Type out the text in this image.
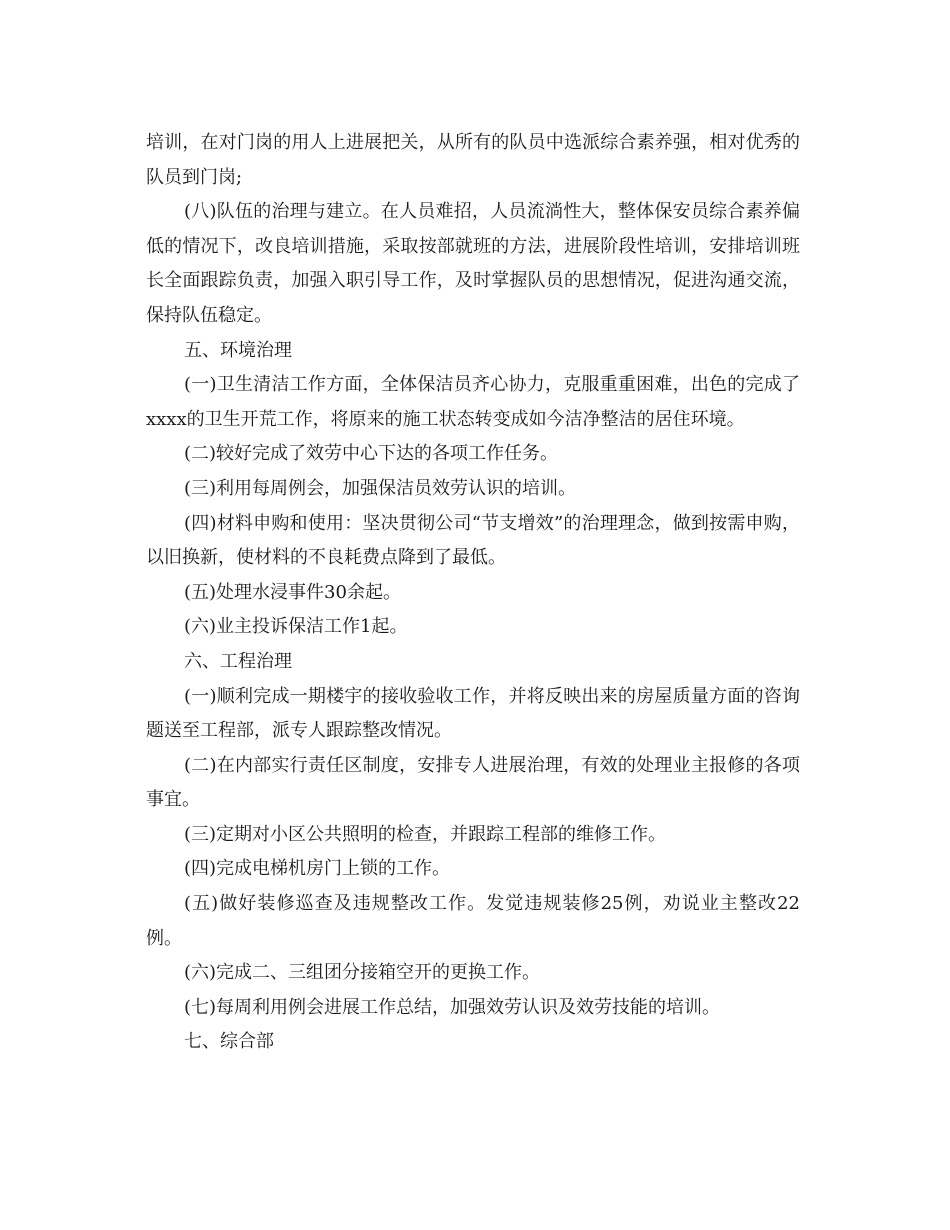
培训，在对门岗的用人上进展把关，从所有的队员中选派综合素养强，相对优秀的队员到门岗;

(八)队伍的治理与建立。在人员难招，人员流淌性大，整体保安员综合素养偏低的情况下，改良培训措施，采取按部就班的方法，进展阶段性培训，安排培训班长全面跟踪负责，加强入职引导工作，及时掌握队员的思想情况，促进沟通交流，保持队伍稳定。

五、环境治理

(一)卫生清洁工作方面，全体保洁员齐心协力，克服重重困难，出色的完成了xxxx的卫生开荒工作，将原来的施工状态转变成如今洁净整洁的居住环境。

(二)较好完成了效劳中心下达的各项工作任务。

(三)利用每周例会，加强保洁员效劳认识的培训。

(四)材料申购和使用：坚决贯彻公司“节支增效”的治理理念，做到按需申购，以旧换新，使材料的不良耗费点降到了最低。

(五)处理水浸事件30余起。

(六)业主投诉保洁工作1起。

六、工程治理

(一)顺利完成一期楼宇的接收验收工作，并将反映出来的房屋质量方面的咨询题送至工程部，派专人跟踪整改情况。

(二)在内部实行责任区制度，安排专人进展治理，有效的处理业主报修的各项事宜。

(三)定期对小区公共照明的检查，并跟踪工程部的维修工作。

(四)完成电梯机房门上锁的工作。

(五)做好装修巡查及违规整改工作。发觉违规装修25例，劝说业主整改22例。

(六)完成二、三组团分接箱空开的更换工作。

(七)每周利用例会进展工作总结，加强效劳认识及效劳技能的培训。

七、综合部
